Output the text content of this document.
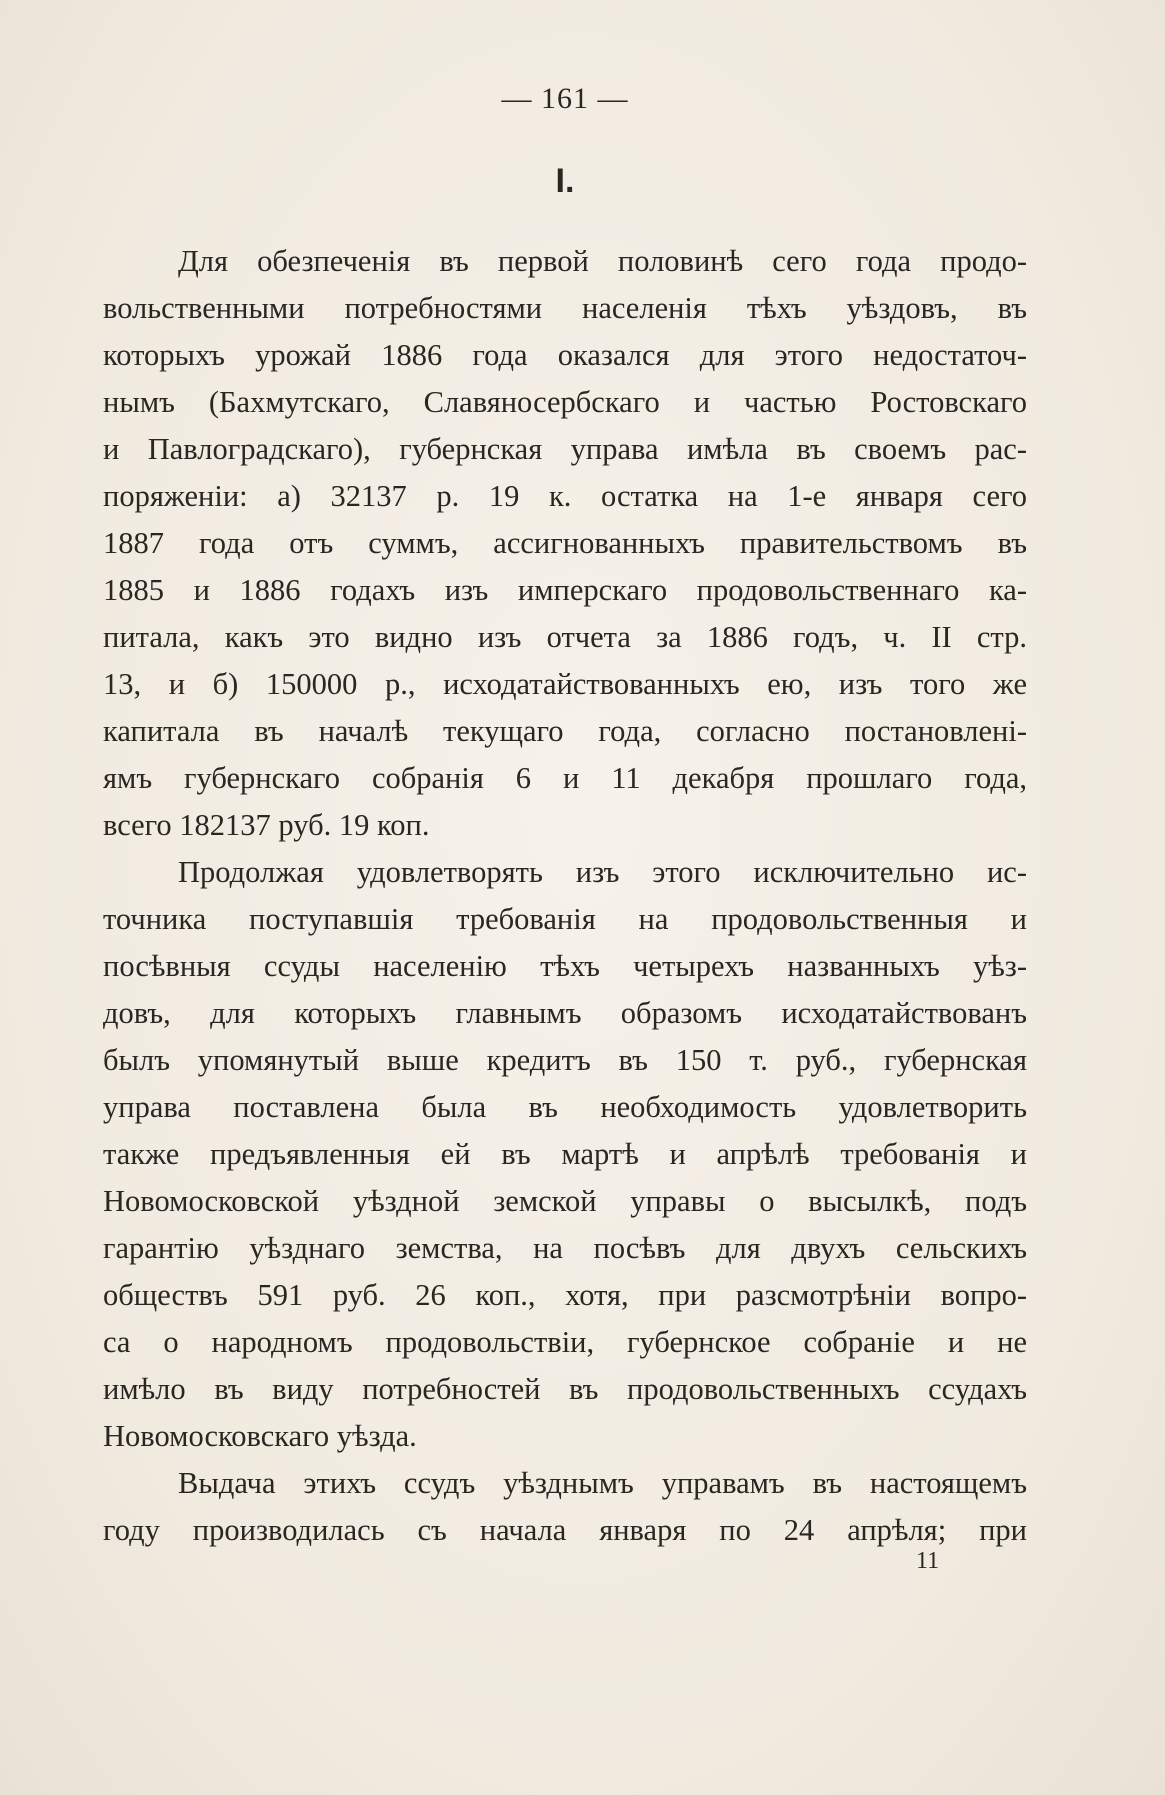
— 161 —
I.
Для обезпеченія въ первой половинѣ сего года продо-
вольственными потребностями населенія тѣхъ уѣздовъ, въ
которыхъ урожай 1886 года оказался для этого недостаточ-
нымъ (Бахмутскаго, Славяносербскаго и частью Ростовскаго
и Павлоградскаго), губернская управа имѣла въ своемъ рас-
поряженіи: а) 32137 р. 19 к. остатка на 1-е января сего
1887 года отъ суммъ, ассигнованныхъ правительствомъ въ
1885 и 1886 годахъ изъ имперскаго продовольственнаго ка-
питала, какъ это видно изъ отчета за 1886 годъ, ч. II стр.
13, и б) 150000 р., исходатайствованныхъ ею, изъ того же
капитала въ началѣ текущаго года, согласно постановлені-
ямъ губернскаго собранія 6 и 11 декабря прошлаго года,
всего 182137 руб. 19 коп.
Продолжая удовлетворять изъ этого исключительно ис-
точника поступавшія требованія на продовольственныя и
посѣвныя ссуды населенію тѣхъ четырехъ названныхъ уѣз-
довъ, для которыхъ главнымъ образомъ исходатайствованъ
былъ упомянутый выше кредитъ въ 150 т. руб., губернская
управа поставлена была въ необходимость удовлетворить
также предъявленныя ей въ мартѣ и апрѣлѣ требованія и
Новомосковской уѣздной земской управы о высылкѣ, подъ
гарантію уѣзднаго земства, на посѣвъ для двухъ сельскихъ
обществъ 591 руб. 26 коп., хотя, при разсмотрѣніи вопро-
са о народномъ продовольствіи, губернское собраніе и не
имѣло въ виду потребностей въ продовольственныхъ ссудахъ
Новомосковскаго уѣзда.
Выдача этихъ ссудъ уѣзднымъ управамъ въ настоящемъ
году производилась съ начала января по 24 апрѣля; при
11
